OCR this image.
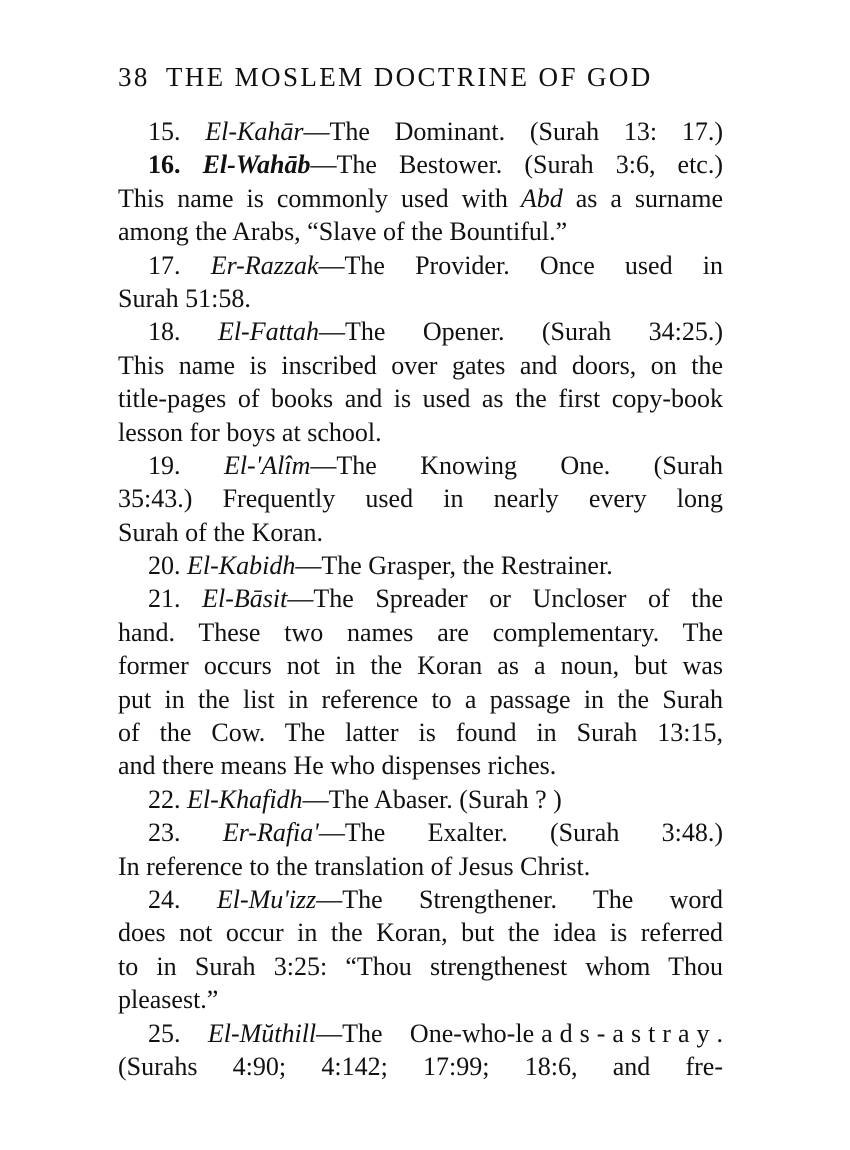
38 THE MOSLEM DOCTRINE OF GOD
15. El-Kahār—The Dominant. (Surah 13: 17.)
16. El-Wahāb—The Bestower. (Surah 3:6, etc.)
This name is commonly used with Abd as a surname
among the Arabs, “Slave of the Bountiful.”
17. Er-Razzak—The Provider. Once used in
Surah 51:58.
18. El-Fattah—The Opener. (Surah 34:25.)
This name is inscribed over gates and doors, on the
title-pages of books and is used as the first copy-book
lesson for boys at school.
19. El-'Alîm—The Knowing One. (Surah
35:43.) Frequently used in nearly every long
Surah of the Koran.
20. El-Kabidh—The Grasper, the Restrainer.
21. El-Bāsit—The Spreader or Uncloser of the
hand. These two names are complementary. The
former occurs not in the Koran as a noun, but was
put in the list in reference to a passage in the Surah
of the Cow. The latter is found in Surah 13:15,
and there means He who dispenses riches.
22. El-Khafidh—The Abaser. (Surah ? )
23. Er-Rafia'—The Exalter. (Surah 3:48.)
In reference to the translation of Jesus Christ.
24. El-Mu'izz—The Strengthener. The word
does not occur in the Koran, but the idea is referred
to in Surah 3:25: “Thou strengthenest whom Thou
pleasest.”
25. El-Mŭthill—The One-who-leads-astray.
(Surahs 4:90; 4:142; 17:99; 18:6, and fre-
